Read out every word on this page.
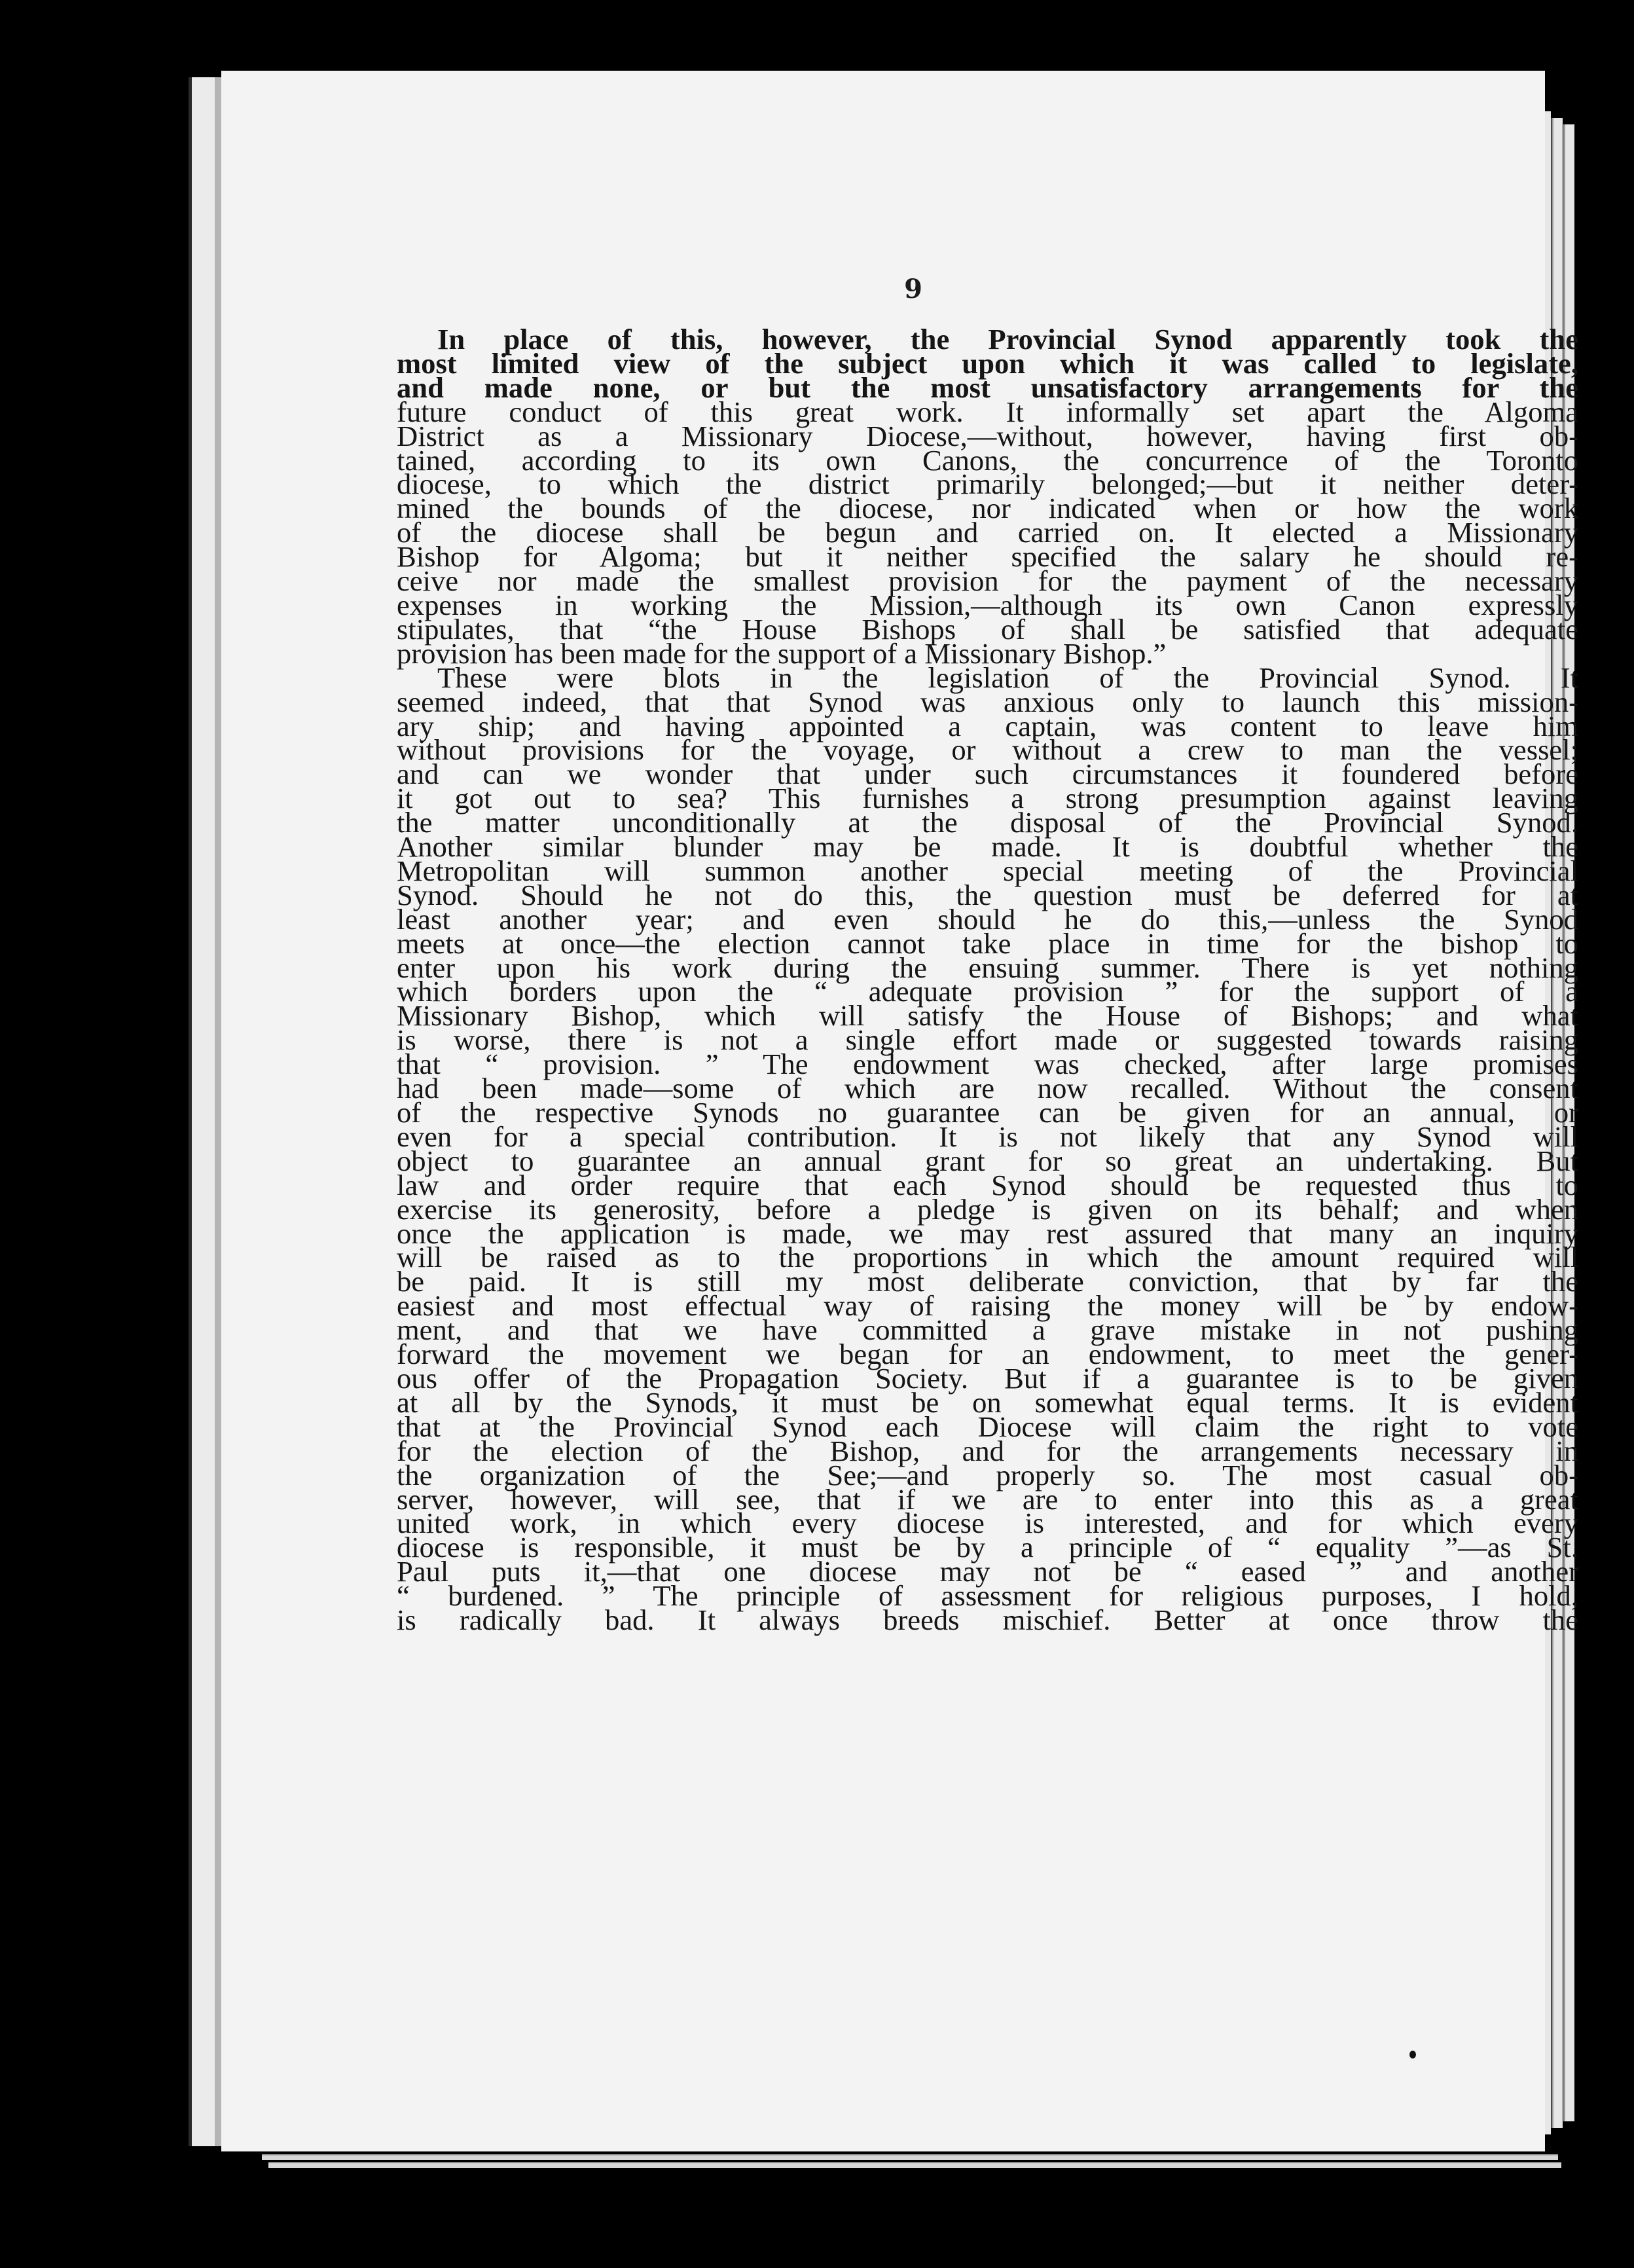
9
In place of this, however, the Provincial Synod apparently took the
most limited view of the subject upon which it was called to legislate,
and made none, or but the most unsatisfactory arrangements for the
future conduct of this great work. It informally set apart the Algoma
District as a Missionary Diocese,—without, however, having first ob-
tained, according to its own Canons, the concurrence of the Toronto
diocese, to which the district primarily belonged;—but it neither deter-
mined the bounds of the diocese, nor indicated when or how the work
of the diocese shall be begun and carried on. It elected a Missionary
Bishop for Algoma; but it neither specified the salary he should re-
ceive nor made the smallest provision for the payment of the necessary
expenses in working the Mission,—although its own Canon expressly
stipulates, that “the House Bishops of shall be satisfied that adequate
provision has been made for the support of a Missionary Bishop.”
These were blots in the legislation of the Provincial Synod. It
seemed indeed, that that Synod was anxious only to launch this mission-
ary ship; and having appointed a captain, was content to leave him
without provisions for the voyage, or without a crew to man the vessel;
and can we wonder that under such circumstances it foundered before
it got out to sea? This furnishes a strong presumption against leaving
the matter unconditionally at the disposal of the Provincial Synod.
Another similar blunder may be made. It is doubtful whether the
Metropolitan will summon another special meeting of the Provincial
Synod. Should he not do this, the question must be deferred for at
least another year; and even should he do this,—unless the Synod
meets at once—the election cannot take place in time for the bishop to
enter upon his work during the ensuing summer. There is yet nothing
which borders upon the “ adequate provision ” for the support of a
Missionary Bishop, which will satisfy the House of Bishops; and what
is worse, there is not a single effort made or suggested towards raising
that “ provision. ” The endowment was checked, after large promises
had been made—some of which are now recalled. Without the consent
of the respective Synods no guarantee can be given for an annual, or
even for a special contribution. It is not likely that any Synod will
object to guarantee an annual grant for so great an undertaking. But
law and order require that each Synod should be requested thus to
exercise its generosity, before a pledge is given on its behalf; and when
once the application is made, we may rest assured that many an inquiry
will be raised as to the proportions in which the amount required will
be paid. It is still my most deliberate conviction, that by far the
easiest and most effectual way of raising the money will be by endow-
ment, and that we have committed a grave mistake in not pushing
forward the movement we began for an endowment, to meet the gener-
ous offer of the Propagation Society. But if a guarantee is to be given
at all by the Synods, it must be on somewhat equal terms. It is evident
that at the Provincial Synod each Diocese will claim the right to vote
for the election of the Bishop, and for the arrangements necessary in
the organization of the See;—and properly so. The most casual ob-
server, however, will see, that if we are to enter into this as a great
united work, in which every diocese is interested, and for which every
diocese is responsible, it must be by a principle of “ equality ”—as St.
Paul puts it,—that one diocese may not be “ eased ” and another
“ burdened. ” The principle of assessment for religious purposes, I hold,
is radically bad. It always breeds mischief. Better at once throw the
